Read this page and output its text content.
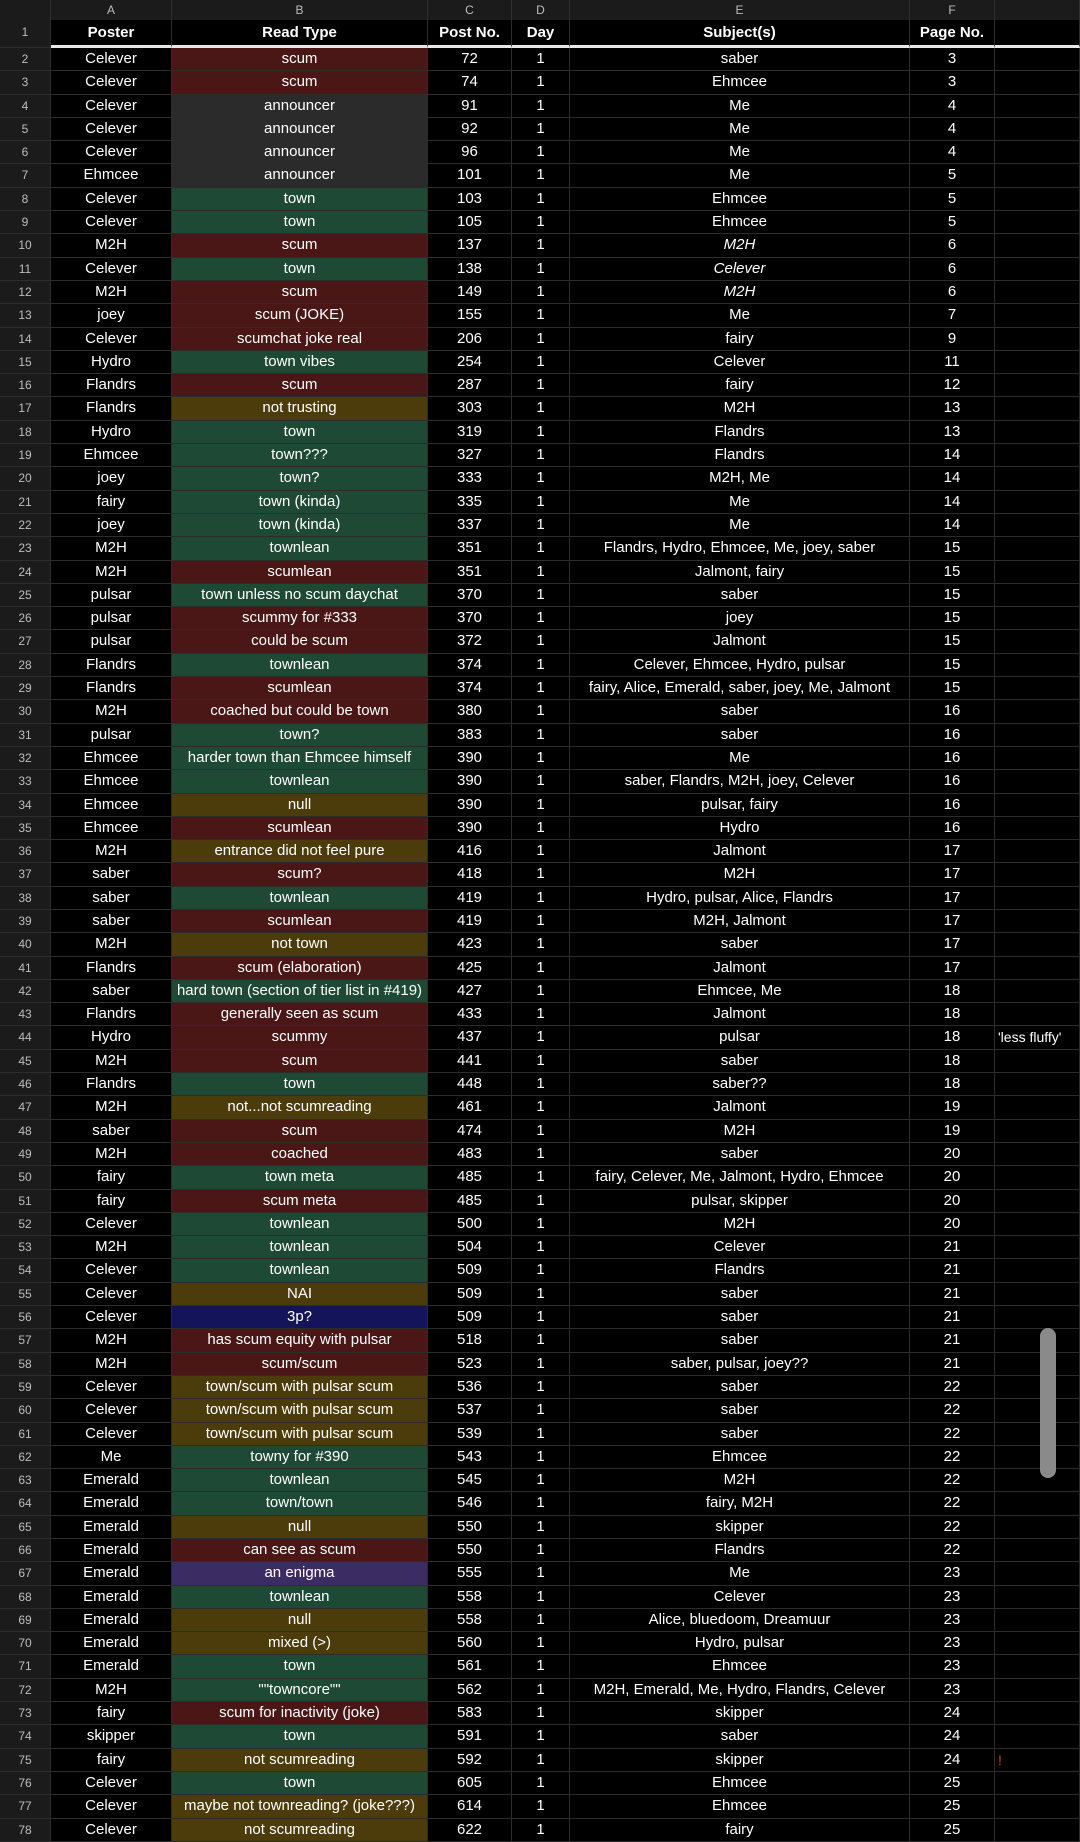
A	B	C	D	E	F
1	Poster	Read Type	Post No.	Day	Subject(s)	Page No.
2	Celever	scum	72	1	saber	3
3	Celever	scum	74	1	Ehmcee	3
4	Celever	announcer	91	1	Me	4
5	Celever	announcer	92	1	Me	4
6	Celever	announcer	96	1	Me	4
7	Ehmcee	announcer	101	1	Me	5
8	Celever	town	103	1	Ehmcee	5
9	Celever	town	105	1	Ehmcee	5
10	M2H	scum	137	1	M2H	6
11	Celever	town	138	1	Celever	6
12	M2H	scum	149	1	M2H	6
13	joey	scum (JOKE)	155	1	Me	7
14	Celever	scumchat joke real	206	1	fairy	9
15	Hydro	town vibes	254	1	Celever	11
16	Flandrs	scum	287	1	fairy	12
17	Flandrs	not trusting	303	1	M2H	13
18	Hydro	town	319	1	Flandrs	13
19	Ehmcee	town???	327	1	Flandrs	14
20	joey	town?	333	1	M2H, Me	14
21	fairy	town (kinda)	335	1	Me	14
22	joey	town (kinda)	337	1	Me	14
23	M2H	townlean	351	1	Flandrs, Hydro, Ehmcee, Me, joey, saber	15
24	M2H	scumlean	351	1	Jalmont, fairy	15
25	pulsar	town unless no scum daychat	370	1	saber	15
26	pulsar	scummy for #333	370	1	joey	15
27	pulsar	could be scum	372	1	Jalmont	15
28	Flandrs	townlean	374	1	Celever, Ehmcee, Hydro, pulsar	15
29	Flandrs	scumlean	374	1	fairy, Alice, Emerald, saber, joey, Me, Jalmont	15
30	M2H	coached but could be town	380	1	saber	16
31	pulsar	town?	383	1	saber	16
32	Ehmcee	harder town than Ehmcee himself	390	1	Me	16
33	Ehmcee	townlean	390	1	saber, Flandrs, M2H, joey, Celever	16
34	Ehmcee	null	390	1	pulsar, fairy	16
35	Ehmcee	scumlean	390	1	Hydro	16
36	M2H	entrance did not feel pure	416	1	Jalmont	17
37	saber	scum?	418	1	M2H	17
38	saber	townlean	419	1	Hydro, pulsar, Alice, Flandrs	17
39	saber	scumlean	419	1	M2H, Jalmont	17
40	M2H	not town	423	1	saber	17
41	Flandrs	scum (elaboration)	425	1	Jalmont	17
42	saber	hard town (section of tier list in #419)	427	1	Ehmcee, Me	18
43	Flandrs	generally seen as scum	433	1	Jalmont	18
44	Hydro	scummy	437	1	pulsar	18	'less fluffy'
45	M2H	scum	441	1	saber	18
46	Flandrs	town	448	1	saber??	18
47	M2H	not...not scumreading	461	1	Jalmont	19
48	saber	scum	474	1	M2H	19
49	M2H	coached	483	1	saber	20
50	fairy	town meta	485	1	fairy, Celever, Me, Jalmont, Hydro, Ehmcee	20
51	fairy	scum meta	485	1	pulsar, skipper	20
52	Celever	townlean	500	1	M2H	20
53	M2H	townlean	504	1	Celever	21
54	Celever	townlean	509	1	Flandrs	21
55	Celever	NAI	509	1	saber	21
56	Celever	3p?	509	1	saber	21
57	M2H	has scum equity with pulsar	518	1	saber	21
58	M2H	scum/scum	523	1	saber, pulsar, joey??	21
59	Celever	town/scum with pulsar scum	536	1	saber	22
60	Celever	town/scum with pulsar scum	537	1	saber	22
61	Celever	town/scum with pulsar scum	539	1	saber	22
62	Me	towny for #390	543	1	Ehmcee	22
63	Emerald	townlean	545	1	M2H	22
64	Emerald	town/town	546	1	fairy, M2H	22
65	Emerald	null	550	1	skipper	22
66	Emerald	can see as scum	550	1	Flandrs	22
67	Emerald	an enigma	555	1	Me	23
68	Emerald	townlean	558	1	Celever	23
69	Emerald	null	558	1	Alice, bluedoom, Dreamuur	23
70	Emerald	mixed (>)	560	1	Hydro, pulsar	23
71	Emerald	town	561	1	Ehmcee	23
72	M2H	""towncore""	562	1	M2H, Emerald, Me, Hydro, Flandrs, Celever	23
73	fairy	scum for inactivity (joke)	583	1	skipper	24
74	skipper	town	591	1	saber	24
75	fairy	not scumreading	592	1	skipper	24	!
76	Celever	town	605	1	Ehmcee	25
77	Celever	maybe not townreading? (joke???)	614	1	Ehmcee	25
78	Celever	not scumreading	622	1	fairy	25
